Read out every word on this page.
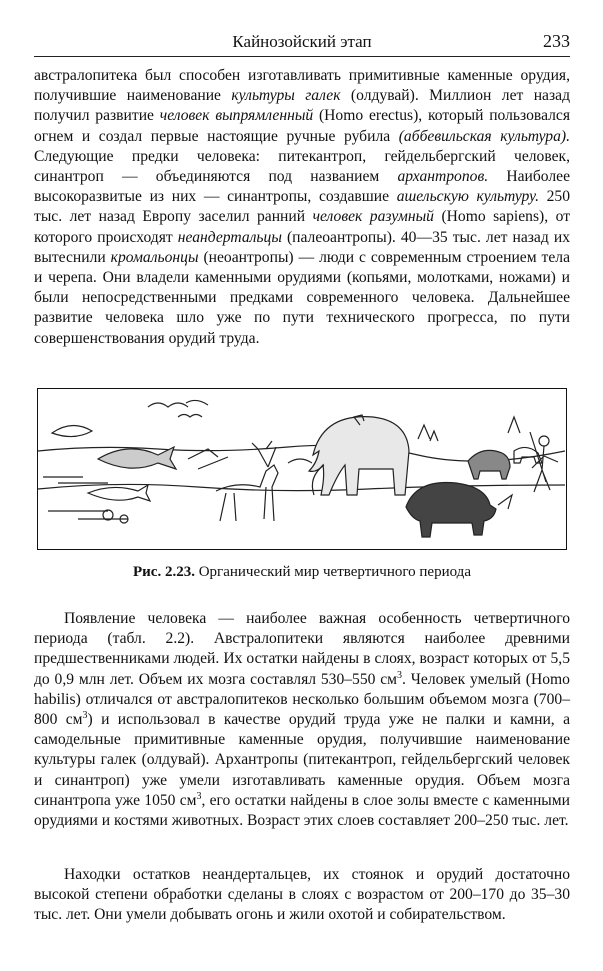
Кайнозойский этап	233
австралопитека был способен изготавливать примитивные каменные орудия, получившие наименование культуры галек (олдувай). Миллион лет назад получил развитие человек выпрямленный (Homo erectus), который пользовался огнем и создал первые настоящие ручные рубила (аббевильская культура). Следующие предки человека: питекантроп, гейдельбергский человек, синантроп — объединяются под названием архантропов. Наиболее высокоразвитые из них — синантропы, создавшие ашельскую культуру. 250 тыс. лет назад Европу заселил ранний человек разумный (Homo sapiens), от которого происходят неандертальцы (палеоантропы). 40—35 тыс. лет назад их вытеснили кромальонцы (неоантропы) — люди с современным строением тела и черепа. Они владели каменными орудиями (копьями, молотками, ножами) и были непосредственными предками современного человека. Дальнейшее развитие человека шло уже по пути технического прогресса, по пути совершенствования орудий труда.
Рис. 2.23. Органический мир четвертичного периода
Появление человека — наиболее важная особенность четвертичного периода (табл. 2.2). Австралопитеки являются наиболее древними предшественниками людей. Их остатки найдены в слоях, возраст которых от 5,5 до 0,9 млн лет. Объем их мозга составлял 530–550 $см^3$. Человек умелый (Homo habilis) отличался от австралопитеков несколько большим объемом мозга (700–800 $см^3$) и использовал в качестве орудий труда уже не палки и камни, а самодельные примитивные каменные орудия, получившие наименование культуры галек (олдувай). Архантропы (питекантроп, гейдельбергский человек и синантроп) уже умели изготавливать каменные орудия. Объем мозга синантропа уже 1050 $см^3$, его остатки найдены в слое золы вместе с каменными орудиями и костями животных. Возраст этих слоев составляет 200–250 тыс. лет.
Находки остатков неандертальцев, их стоянок и орудий достаточно высокой степени обработки сделаны в слоях с возрастом от 200–170 до 35–30 тыс. лет. Они умели добывать огонь и жили охотой и собирательством.
